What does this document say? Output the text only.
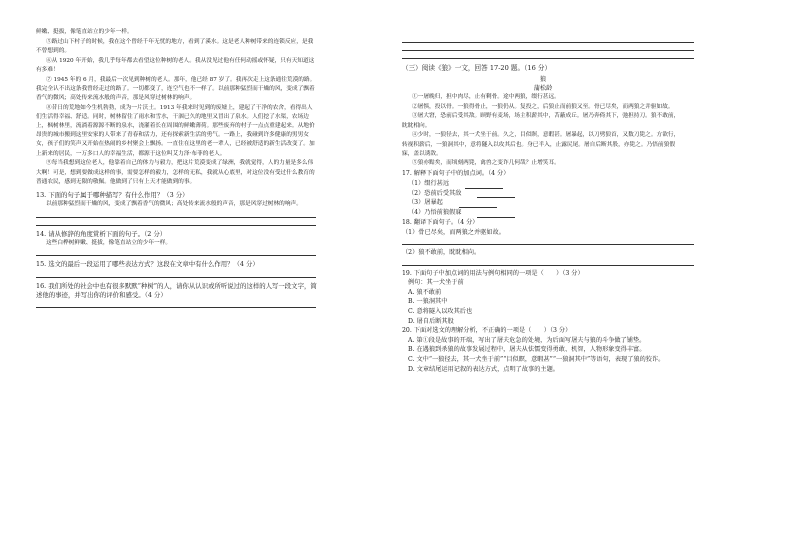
鲜嫩、挺拔，像笔直站立的少年一样。

⑤路过山下村子的时候，我在这个曾经千年无忧的地方，看到了溪水。这是老人种树带来的连锁反应，是我不曾想到的。

⑥从 1920 年开始，我几乎每年都去看望这位种树的老人。我从没见过他有任何动摇或怀疑，只有天知道这有多难！

⑦ 1945 年的 6 月，我最后一次见到种树的老人。那年，他已经 87 岁了。我再次走上这条通往荒漠的路。我完全认不出这条我曾经走过的路了。一切都变了，连空气也不一样了。以前那种猛烈而干燥的风，变成了飘着香气的微风；高处传来流水般的声音，那是风穿过树林的响声。

⑧昔日的荒地如今生机勃勃，成为一片沃土。1913 年我来时见到的废墟上，建起了干净的农舍，看得出人们生活得幸福、舒适。同时，树林留住了雨水和雪水，干涸已久的地里又冒出了泉水。人们挖了水渠，农场边上，枫树林里，流淌着源源不断的泉水，浇灌着长在周围的鲜嫩薄荷。那些废弃的村子一点点重建起来。从地价昂贵的城市搬到这里安家的人带来了青春和活力，还有探索新生活的勇气。一路上，我碰到许多健康的男男女女，孩子们的笑声又开始在热闹的乡村聚会上飘扬。一直住在这里的老一辈人，已经被舒适的新生活改变了。加上新来的居民，一万多口人的幸福生活，都源于这位叫艾力泽·布菲的老人。

⑨每当我想到这位老人，他靠着自己的体力与毅力，把这片荒漠变成了绿洲，我就觉得，人的力量是多么伟大啊！可是，想到要做成这样的事，需要怎样的毅力，怎样的无私，我就从心底里，对这位没有受过什么教育的普通农民，感到无限的敬佩。他做到了只有上天才能做到的事。

13. 下面的句子属于哪种描写？有什么作用？（3 分）

以前那种猛烈而干燥的风，变成了飘着香气的微风；高处传来流水般的声音，那是风穿过树林的响声。

14. 请从修辞的角度赏析下面的句子。（2 分）

这些白桦树鲜嫩、挺拔，像笔直站立的少年一样。

15. 选文的最后一段运用了哪些表达方式？这段在文章中有什么作用？（4 分）

16. 我们所处的社会中也有很多默默“种树”的人，请你从认识或所听说过的这样的人写一段文字，简述他的事迹，并写出你的评价和感受。（4 分）

（三）阅读《狼》一文，回答 17-20 题。（16 分）

狼

蒲松龄

①一屠晚归，担中肉尽，止有剩骨。途中两狼，缀行甚远。

②屠惧，投以骨。一狼得骨止，一狼仍从。复投之，后狼止而前狼又至。骨已尽矣，而两狼之并驱如故。

③屠大窘，恐前后受其敌。顾野有麦场，场主积薪其中，苫蔽成丘。屠乃奔倚其下，弛担持刀。狼不敢前，眈眈相向。

④少时，一狼径去，其一犬坐于前。久之，目似瞑，意暇甚。屠暴起，以刀劈狼首，又数刀毙之。方欲行，转视积薪后，一狼洞其中，意将隧入以攻其后也。身已半入，止露尻尾。屠自后断其股，亦毙之。乃悟前狼假寐，盖以诱敌。

⑤狼亦黠矣，而顷刻两毙，禽兽之变诈几何哉？止增笑耳。

17. 解释下面句子中的加点词。（4 分）

（1）缀行甚远
（2）恐前后受其敌
（3）屠暴起
（4）乃悟前狼假寐

18. 翻译下面句子。（4 分）

（1）骨已尽矣，而两狼之并驱如故。

（2）狼不敢前，眈眈相向。

19. 下面句子中加点词的用法与例句相同的一项是（　　）（3 分）

例句：其一犬坐于前

A. 狼不敢前

B. 一狼洞其中

C. 意将隧入以攻其后也

D. 屠自后断其股

20. 下面对选文的理解分析，不正确的一项是（　　）（3 分）

A. 第①段是故事的开端，写出了屠夫危急的处境，为后面写屠夫与狼的斗争做了铺垫。

B. 在遇狼到杀狼的故事发展过程中，屠夫从怯懦变得勇敢、机智，人物形象变得丰富。

C. 文中“一狼径去，其一犬坐于前”“目似瞑，意暇甚”“一狼洞其中”等语句，表现了狼的狡诈。

D. 文章结尾运用记叙的表达方式，点明了故事的主题。
